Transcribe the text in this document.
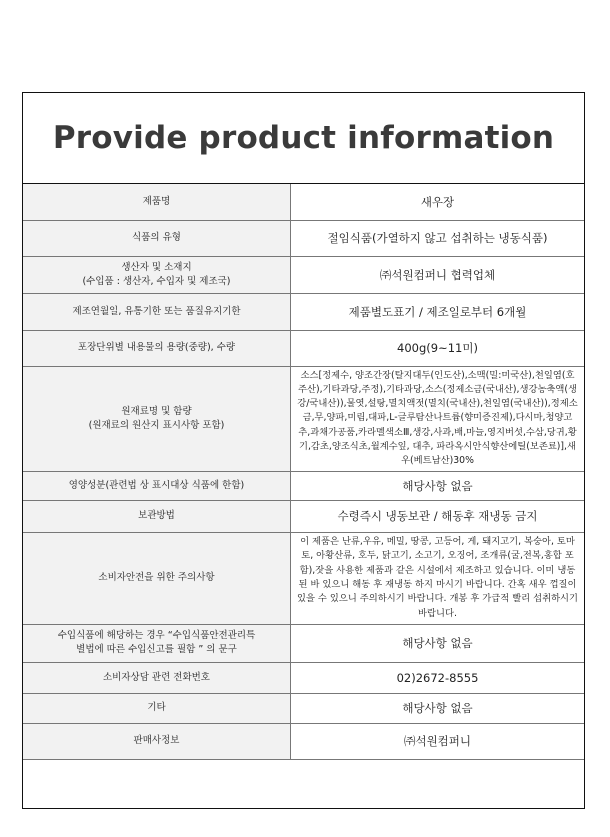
Provide product information
제품명	새우장
식품의 유형	절임식품(가열하지 않고 섭취하는 냉동식품)
생산자 및 소재지
(수입품 : 생산자, 수입자 및 제조국)	㈜석원컴퍼니 협력업체
제조연월일, 유통기한 또는 품질유지기한	제품별도표기 / 제조일로부터 6개월
포장단위별 내용물의 용량(중량), 수량	400g(9~11미)
원재료명 및 함량
(원재료의 원산지 표시사항 포함)	소스[정제수, 양조간장(탈지대두(인도산),소맥(밀:미국산),천일염(호주산),기타과당,주정),기타과당,소스(정제소금(국내산),생강농축액(생강/국내산)),물엿,설탕,멸치액젓(멸치(국내산),천일염(국내산)),정제소금,무,양파,미림,대파,L-글루탐산나트륨(향미증진제),다시마,청양고추,과채가공품,카라멜색소Ⅲ,생강,사과,배,마늘,영지버섯,수삼,당귀,황기,감초,양조식초,월계수잎, 대추, 파라옥시안식향산에틸(보존료)],새우(베트남산)30%
영양성분(관련법 상 표시대상 식품에 한함)	해당사항 없음
보관방법	수령즉시 냉동보관 / 해동후 재냉동 금지
소비자안전을 위한 주의사항	이 제품은 난류,우유, 메밀, 땅콩, 고등어, 게, 돼지고기, 복숭아, 토마토, 아황산류, 호두, 닭고기, 소고기, 오징어, 조개류(굴,전복,홍합 포함),잣을 사용한 제품과 같은 시설에서 제조하고 있습니다. 이미 냉동된 바 있으니 해동 후 재냉동 하지 마시기 바랍니다. 간혹 새우 껍질이 있을 수 있으니 주의하시기 바랍니다. 개봉 후 가급적 빨리 섭취하시기 바랍니다.
수입식품에 해당하는 경우 “수입식품안전관리특
별법에 따른 수입신고를 필함 ” 의 문구	해당사항 없음
소비자상담 관련 전화번호	02)2672-8555
기타	해당사항 없음
판매사정보	㈜석원컴퍼니
